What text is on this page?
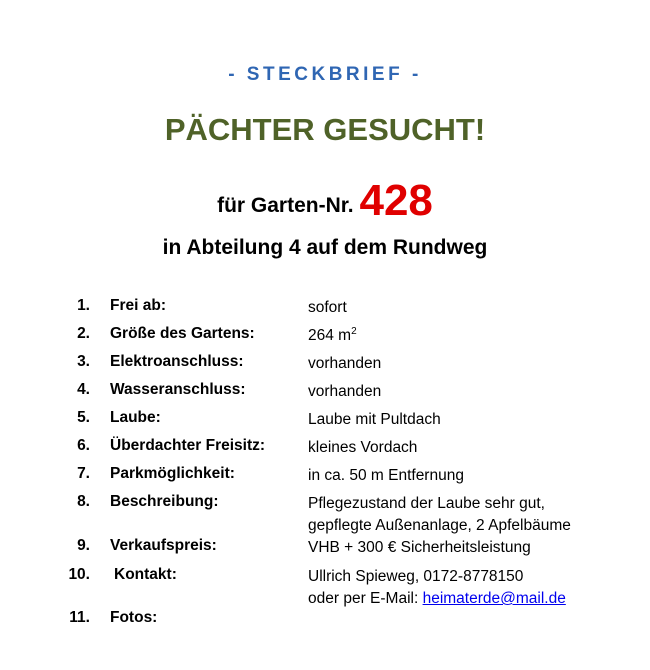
- STECKBRIEF -
PÄCHTER GESUCHT!
für Garten-Nr. 428
in Abteilung 4 auf dem Rundweg
1. Frei ab:	sofort
2. Größe des Gartens:	264 $m^2$
3. Elektroanschluss:	vorhanden
4. Wasseranschluss:	vorhanden
5. Laube:	Laube mit Pultdach
6. Überdachter Freisitz:	kleines Vordach
7. Parkmöglichkeit:	in ca. 50 m Entfernung
8. Beschreibung:	Pflegezustand der Laube sehr gut,
gepflegte Außenanlage, 2 Apfelbäume
9. Verkaufspreis:	VHB + 300 € Sicherheitsleistung
10. Kontakt:	Ullrich Spieweg, 0172-8778150
oder per E-Mail: heimaterde@mail.de
11. Fotos:
